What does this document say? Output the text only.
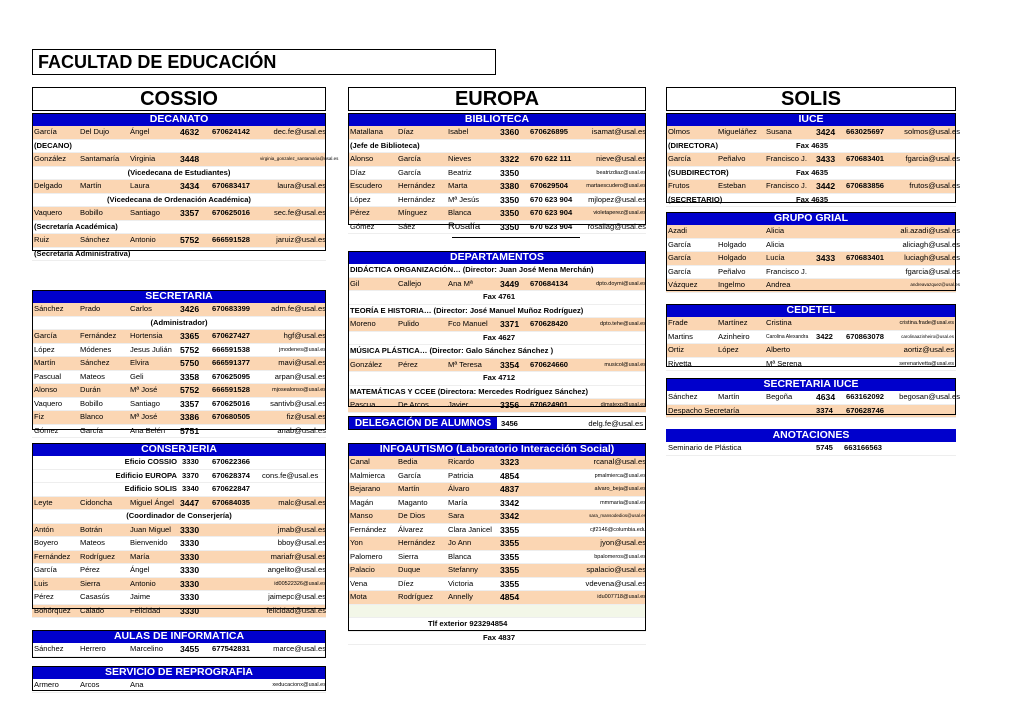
FACULTAD DE EDUCACIÓN
COSSIO	EUROPA	SOLIS
DECANATO
García	Del Dujo	Ángel	4632 670624142	dec.fe@usal.es
(DECANO)
González Santamaría Virginia	3448	virginia_gonzalez_santamaria@usal.es
(Vicedecana de Estudiantes)
Delgado Martín	Laura	3434 670683417	laura@usal.es
(Vicedecana de Ordenación Académica)
Vaquero Bobillo	Santiago 3357 670625016	sec.fe@usal.es
(Secretaría Académica)
Ruiz	Sánchez	Antonio	5752 666591528	jaruiz@usal.es
(Secretaría Administrativa)
SECRETARÍA
Sánchez Prado	Carlos	3426 670683399	adm.fe@usal.es
(Administrador)
García	Fernández Hortensia 3365 670627427	hgf@usal.es
López	Módenes Jesus Julián 5752 666591538	jmodenes@usal.es
Martín	Sánchez	Elvira	5750 666591377	mavi@usal.es
Pascual Mateos	Geli	3358 670625095	arpan@usal.es
Alonso	Durán	Mª José	5752 666591528	mjosealonso@usal.es
Vaquero Bobillo	Santiago 3357 670625016	santivb@usal.es
Fiz	Blanco	Mª José	3386 670680505	fiz@usal.es
Gómez	García	Ana Belén 5751	anab@usal.es
CONSERJERÍA
Eficio COSSIO 3330 670622366
Edificio EUROPA 3370 670628374 cons.fe@usal.es
Edificio SOLIS 3340 670622847
Leyte	Cidoncha Miguel Ángel 3447 670684035	malc@usal.es
(Coordinador de Conserjería)
Antón	Botrán	Juan Miguel 3330	jmab@usal.es
Boyero	Mateos	Bienvenido 3330	bboy@usal.es
Fernández Rodríguez María	3330	mariafr@usal.es
García	Pérez	Ángel	3330	angelito@usal.es
Luis	Sierra	Antonio	3330	id00522326@usal.es
Pérez	Casasús	Jaime	3330	jaimepc@usal.es
Bohórquez Calado	Felicidad 3330	felicidad@usal.es
AULAS DE INFORMÁTICA
Sánchez Herrero	Marcelino 3455 677542831	marce@usal.es
SERVICIO DE REPROGRAFÍA
Armero	Arcos	Ana	xeducacionx@usal.es
BIBLIOTECA
Matallana Díaz	Isabel	3360 670626895	isamat@usal.es
(Jefe de Biblioteca)
Alonso	García	Nieves	3322 670 622 111	nieve@usal.es
Díaz	García	Beatriz	3350	beatrizdiaz@usal.es
Escudero Hernández Marta	3380 670629504	martaescudero@usal.es
López	Hernández Mª Jesús 3350 670 623 904	mjlopez@usal.es
Pérez	Mínguez	Blanca	3350 670 623 904	violetaperez@usal.es
Gómez	Sáez	Rosalía 3350 670 623 904	rosaliag@usal.es
DEPARTAMENTOS
DIDÁCTICA ORGANIZACIÓN… (Director: Juan José Mena Merchán)
Gil	Callejo	Ana Mª	3449 670684134	dpto.doymi@usal.es
Fax 4761
TEORÍA E HISTORIA… (Director: José Manuel Muñoz Rodríguez)
Moreno	Pulido	Fco Manuel 3371 670628420	dpto.tehe@usal.es
Fax 4627
MÚSICA PLÁSTICA… (Director: Galo Sánchez Sánchez )
González Pérez	Mª Teresa 3354 670624660	musicol@usal.es
Fax 4712
MATEMÁTICAS Y CCEE (Directora: Mercedes Rodríguez Sánchez)
Pascua	De Arcos	Javier	3356 670624901	dimatexp@usal.es
DELEGACIÓN DE ALUMNOS	3456	delg.fe@usal.es
INFOAUTISMO (Laboratorio Interacción Social)
Canal	Bedia	Ricardo	3323	rcanal@usal.es
Malmierca García	Patricia	4854	pmalmierca@usal.es
Bejarano Martín	Álvaro	4837	alvaro_beja@usal.es
Magán	Maganto	María	3342	mmmaria@usal.es
Manso	De Dios	Sara	3342	sara_mansodedios@usal.es
Fernández Álvarez	Clara Janicel 3355	cjf2146@columbia.edu
Yon	Hernández Jo Ann	3355	jyon@usal.es
Palomero Sierra	Blanca	3355	bpalomeros@usal.es
Palacio	Duque	Stefanny	3355	spalacio@usal.es
Vena	Díez	Victoria	3355	vdevena@usal.es
Mota	Rodríguez Annelly	4854	idu007718@usal.es
Tlf exterior 923294854
Fax 4837
IUCE
Olmos	Migueláñez Susana	3424 663025697	solmos@usal.es
(DIRECTORA)	Fax 4635
García	Peñalvo	Francisco J. 3433 670683401	fgarcia@usal.es
(SUBDIRECTOR)	Fax 4635
Frutos	Esteban	Francisco J. 3442 670683856	frutos@usal.es
(SECRETARIO)	Fax 4635
GRUPO GRIAL
Azadi	Alicia	ali.azadi@usal.es
García	Holgado	Alicia	aliciagh@usal.es
García	Holgado	Lucía	3433 670683401	luciagh@usal.es
García	Peñalvo	Francisco J.	fgarcia@usal.es
Vázquez	Ingelmo	Andrea	andreavazquez@usal.es
CEDETEL
Frade	Martínez Cristina	cristina.frade@usal.es
Martins	Azinheiro	Carolina Alexandra 3422 670863078	carolinaazinheiro@usal.es
Ortiz	López	Alberto	aortiz@usal.es
Rivetta	Mª Serena	serenarivetta@usal.es
SECRETARÍA IUCE
Sánchez	Martín	Begoña	4634 663162092	begosan@usal.es
Despacho Secretaría	3374 670628746
ANOTACIONES
Seminario de Plástica	5745 663166563
